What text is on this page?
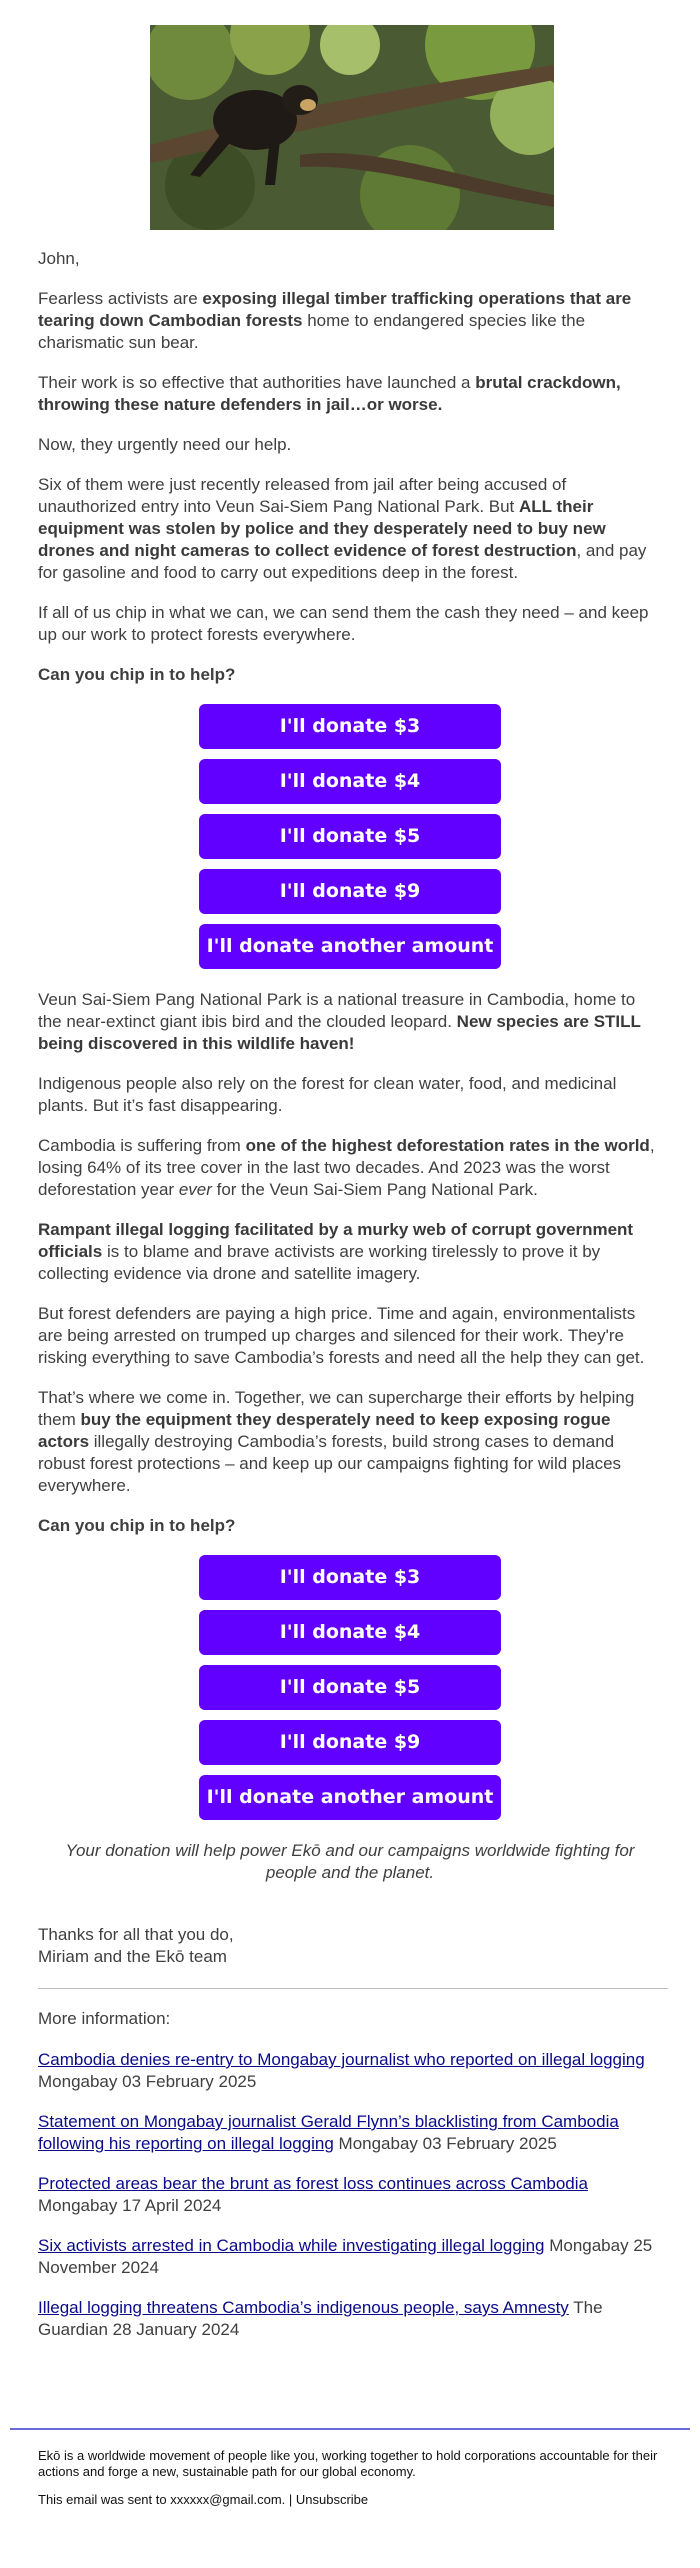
John,

Fearless activists are exposing illegal timber trafficking operations that are tearing down Cambodian forests home to endangered species like the charismatic sun bear.

Their work is so effective that authorities have launched a brutal crackdown, throwing these nature defenders in jail…or worse.

Now, they urgently need our help.

Six of them were just recently released from jail after being accused of unauthorized entry into Veun Sai-Siem Pang National Park. But ALL their equipment was stolen by police and they desperately need to buy new drones and night cameras to collect evidence of forest destruction, and pay for gasoline and food to carry out expeditions deep in the forest.

If all of us chip in what we can, we can send them the cash they need – and keep up our work to protect forests everywhere.

Can you chip in to help?

I'll donate $3
I'll donate $4
I'll donate $5
I'll donate $9
I'll donate another amount

Veun Sai-Siem Pang National Park is a national treasure in Cambodia, home to the near-extinct giant ibis bird and the clouded leopard. New species are STILL being discovered in this wildlife haven!

Indigenous people also rely on the forest for clean water, food, and medicinal plants. But it’s fast disappearing.

Cambodia is suffering from one of the highest deforestation rates in the world, losing 64% of its tree cover in the last two decades. And 2023 was the worst deforestation year ever for the Veun Sai-Siem Pang National Park.

Rampant illegal logging facilitated by a murky web of corrupt government officials is to blame and brave activists are working tirelessly to prove it by collecting evidence via drone and satellite imagery.

But forest defenders are paying a high price. Time and again, environmentalists are being arrested on trumped up charges and silenced for their work. They're risking everything to save Cambodia’s forests and need all the help they can get.

That’s where we come in. Together, we can supercharge their efforts by helping them buy the equipment they desperately need to keep exposing rogue actors illegally destroying Cambodia’s forests, build strong cases to demand robust forest protections – and keep up our campaigns fighting for wild places everywhere.

Can you chip in to help?

I'll donate $3
I'll donate $4
I'll donate $5
I'll donate $9
I'll donate another amount

Your donation will help power Ekō and our campaigns worldwide fighting for people and the planet.

Thanks for all that you do,
Miriam and the Ekō team

More information:

Cambodia denies re-entry to Mongabay journalist who reported on illegal logging Mongabay 03 February 2025

Statement on Mongabay journalist Gerald Flynn’s blacklisting from Cambodia following his reporting on illegal logging Mongabay 03 February 2025

Protected areas bear the brunt as forest loss continues across Cambodia Mongabay 17 April 2024

Six activists arrested in Cambodia while investigating illegal logging Mongabay 25 November 2024

Illegal logging threatens Cambodia’s indigenous people, says Amnesty The Guardian 28 January 2024

Ekō is a worldwide movement of people like you, working together to hold corporations accountable for their actions and forge a new, sustainable path for our global economy.

This email was sent to xxxxxx@gmail.com. | Unsubscribe
